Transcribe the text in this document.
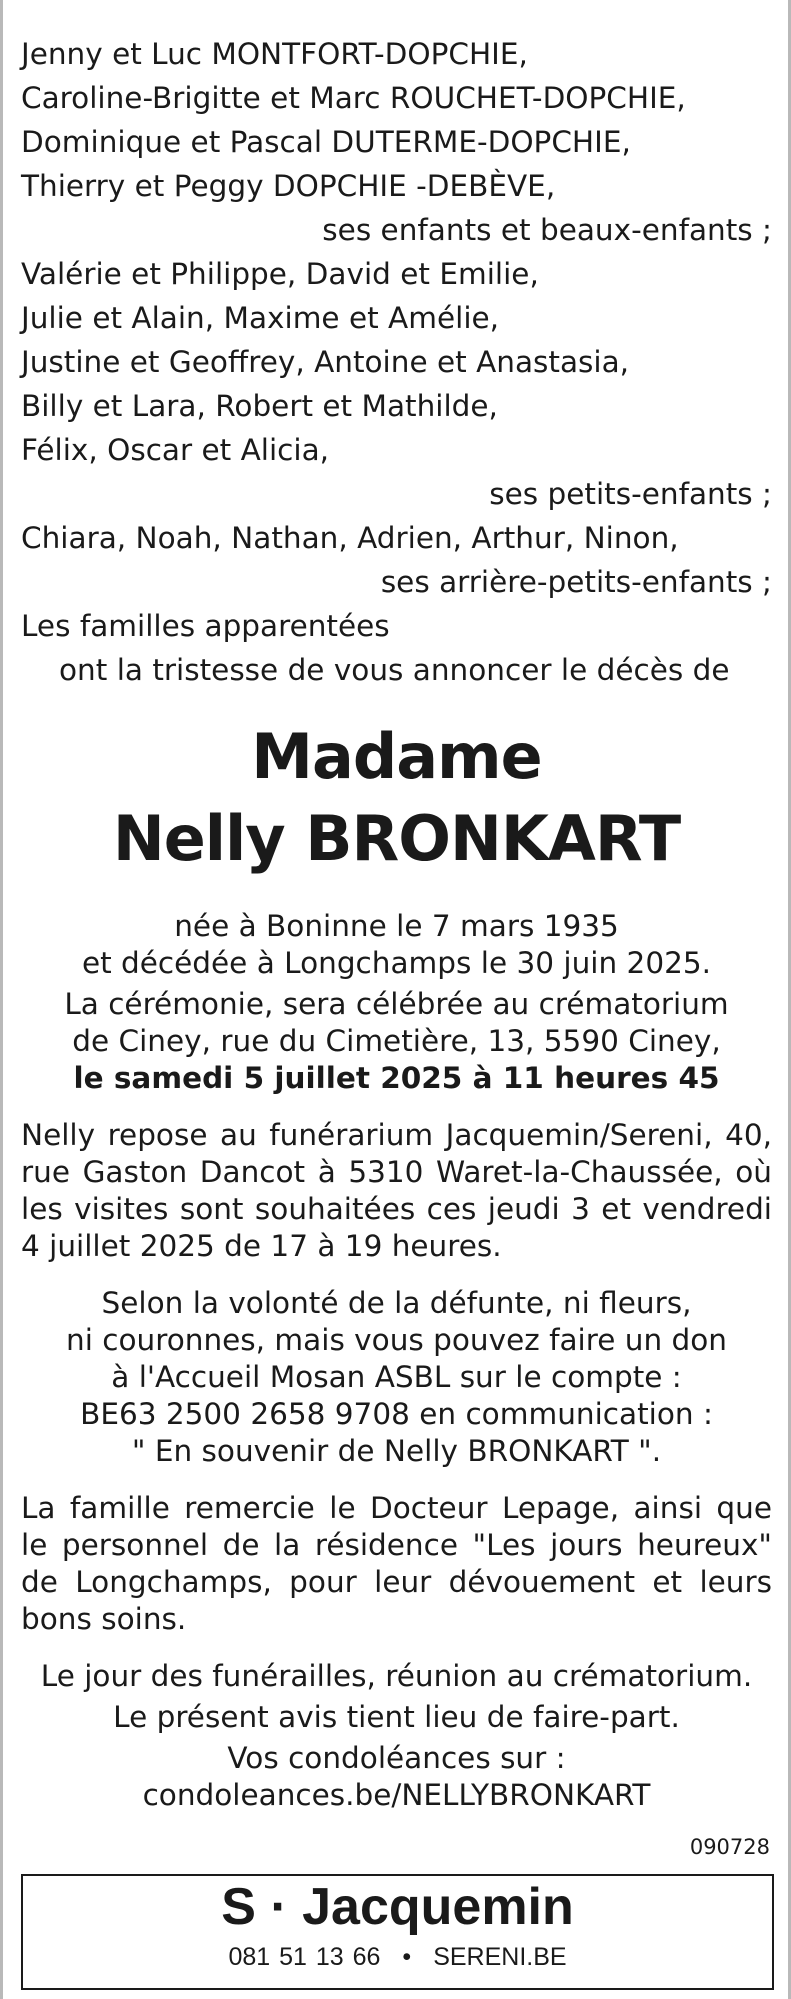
Jenny et Luc MONTFORT-DOPCHIE,
Caroline-Brigitte et Marc ROUCHET-DOPCHIE,
Dominique et Pascal DUTERME-DOPCHIE,
Thierry et Peggy DOPCHIE -DEBÈVE,
ses enfants et beaux-enfants ;
Valérie et Philippe, David et Emilie,
Julie et Alain, Maxime et Amélie,
Justine et Geoffrey, Antoine et Anastasia,
Billy et Lara, Robert et Mathilde,
Félix, Oscar et Alicia,
ses petits-enfants ;
Chiara, Noah, Nathan, Adrien, Arthur, Ninon,
ses arrière-petits-enfants ;
Les familles apparentées
ont la tristesse de vous annoncer le décès de
Madame
Nelly BRONKART
née à Boninne le 7 mars 1935
et décédée à Longchamps le 30 juin 2025.
La cérémonie, sera célébrée au crématorium
de Ciney, rue du Cimetière, 13, 5590 Ciney,
le samedi 5 juillet 2025 à 11 heures 45
Nelly repose au funérarium Jacquemin/Sereni, 40, rue Gaston Dancot à 5310 Waret-la-Chaussée, où les visites sont souhaitées ces jeudi 3 et vendredi 4 juillet 2025 de 17 à 19 heures.
Selon la volonté de la défunte, ni fleurs,
ni couronnes, mais vous pouvez faire un don
à l'Accueil Mosan ASBL sur le compte :
BE63 2500 2658 9708 en communication :
" En souvenir de Nelly BRONKART ".
La famille remercie le Docteur Lepage, ainsi que le personnel de la résidence "Les jours heureux" de Longchamps, pour leur dévouement et leurs bons soins.
Le jour des funérailles, réunion au crématorium.
Le présent avis tient lieu de faire-part.
Vos condoléances sur :
condoleances.be/NELLYBRONKART
090728
S · Jacquemin
081 51 13 66 • SERENI.BE
